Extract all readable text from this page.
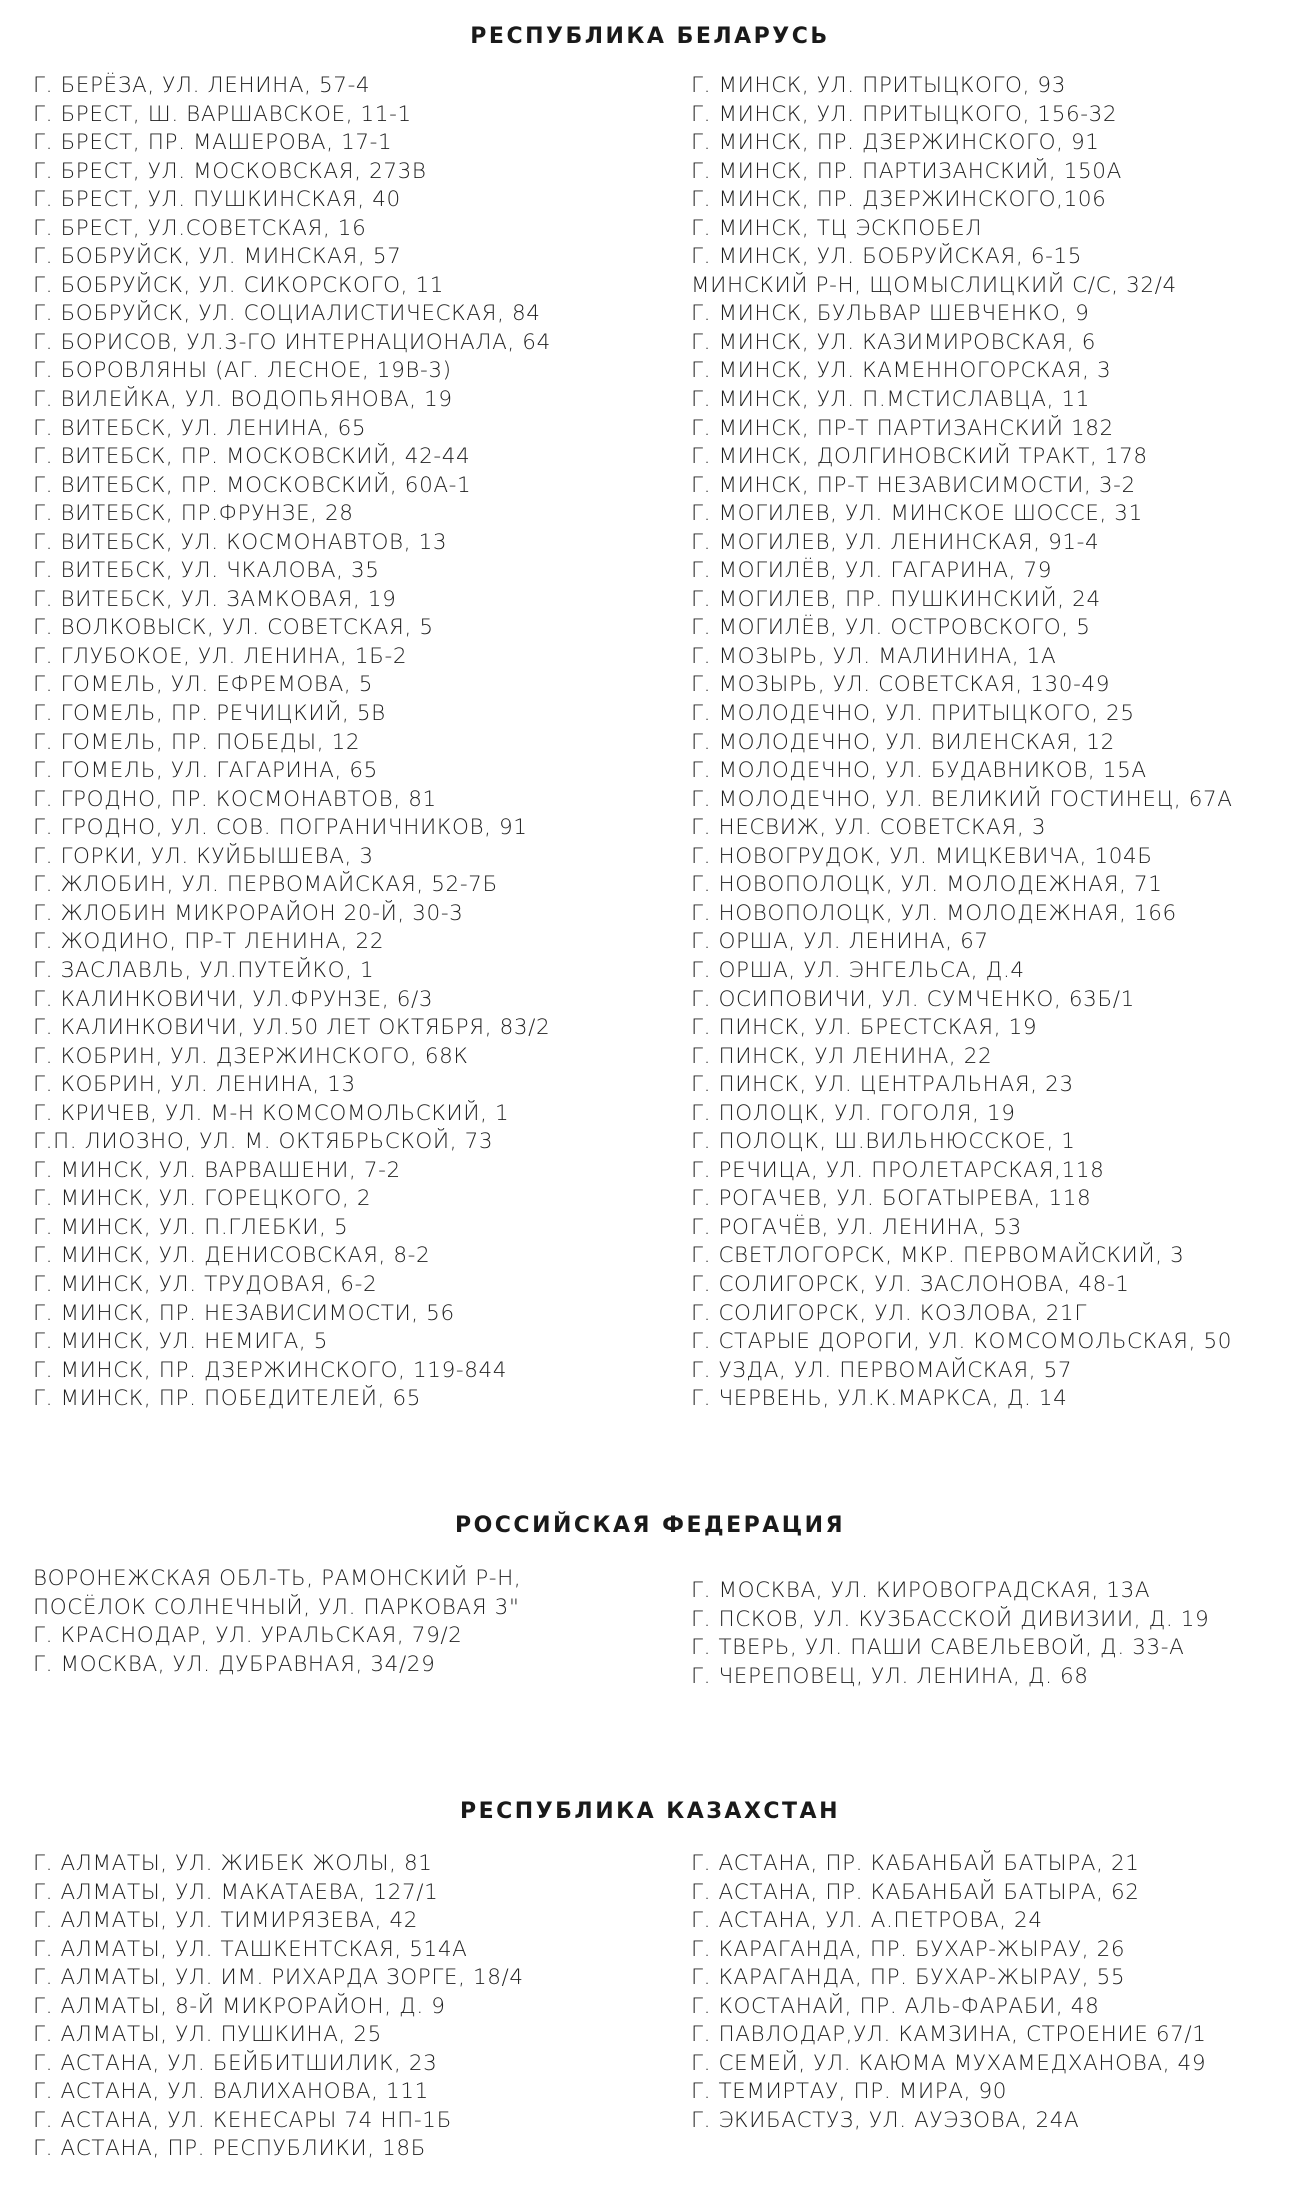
РЕСПУБЛИКА БЕЛАРУСЬ
Г. БЕРЁЗА, УЛ. ЛЕНИНА, 57-4
Г. БРЕСТ, Ш. ВАРШАВСКОЕ, 11-1
Г. БРЕСТ, ПР. МАШЕРОВА, 17-1
Г. БРЕСТ, УЛ. МОСКОВСКАЯ, 273В
Г. БРЕСТ, УЛ. ПУШКИНСКАЯ, 40
Г. БРЕСТ, УЛ.СОВЕТСКАЯ, 16
Г. БОБРУЙСК, УЛ. МИНСКАЯ, 57
Г. БОБРУЙСК, УЛ. СИКОРСКОГО, 11
Г. БОБРУЙСК, УЛ. СОЦИАЛИСТИЧЕСКАЯ, 84
Г. БОРИСОВ, УЛ.3-ГО ИНТЕРНАЦИОНАЛА, 64
Г. БОРОВЛЯНЫ (АГ. ЛЕСНОЕ, 19В-3)
Г. ВИЛЕЙКА, УЛ. ВОДОПЬЯНОВА, 19
Г. ВИТЕБСК, УЛ. ЛЕНИНА, 65
Г. ВИТЕБСК, ПР. МОСКОВСКИЙ, 42-44
Г. ВИТЕБСК, ПР. МОСКОВСКИЙ, 60А-1
Г. ВИТЕБСК, ПР.ФРУНЗЕ, 28
Г. ВИТЕБСК, УЛ. КОСМОНАВТОВ, 13
Г. ВИТЕБСК, УЛ. ЧКАЛОВА, 35
Г. ВИТЕБСК, УЛ. ЗАМКОВАЯ, 19
Г. ВОЛКОВЫСК, УЛ. СОВЕТСКАЯ, 5
Г. ГЛУБОКОЕ, УЛ. ЛЕНИНА, 1Б-2
Г. ГОМЕЛЬ, УЛ. ЕФРЕМОВА, 5
Г. ГОМЕЛЬ, ПР. РЕЧИЦКИЙ, 5В
Г. ГОМЕЛЬ, ПР. ПОБЕДЫ, 12
Г. ГОМЕЛЬ, УЛ. ГАГАРИНА, 65
Г. ГРОДНО, ПР. КОСМОНАВТОВ, 81
Г. ГРОДНО, УЛ. СОВ. ПОГРАНИЧНИКОВ, 91
Г. ГОРКИ, УЛ. КУЙБЫШЕВА, 3
Г. ЖЛОБИН, УЛ. ПЕРВОМАЙСКАЯ, 52-7Б
Г. ЖЛОБИН МИКРОРАЙОН 20-Й, 30-3
Г. ЖОДИНО, ПР-Т ЛЕНИНА, 22
Г. ЗАСЛАВЛЬ, УЛ.ПУТЕЙКО, 1
Г. КАЛИНКОВИЧИ, УЛ.ФРУНЗЕ, 6/3
Г. КАЛИНКОВИЧИ, УЛ.50 ЛЕТ ОКТЯБРЯ, 83/2
Г. КОБРИН, УЛ. ДЗЕРЖИНСКОГО, 68К
Г. КОБРИН, УЛ. ЛЕНИНА, 13
Г. КРИЧЕВ, УЛ. М-Н КОМСОМОЛЬСКИЙ, 1
Г.П. ЛИОЗНО, УЛ. М. ОКТЯБРЬСКОЙ, 73
Г. МИНСК, УЛ. ВАРВАШЕНИ, 7-2
Г. МИНСК, УЛ. ГОРЕЦКОГО, 2
Г. МИНСК, УЛ. П.ГЛЕБКИ, 5
Г. МИНСК, УЛ. ДЕНИСОВСКАЯ, 8-2
Г. МИНСК, УЛ. ТРУДОВАЯ, 6-2
Г. МИНСК, ПР. НЕЗАВИСИМОСТИ, 56
Г. МИНСК, УЛ. НЕМИГА, 5
Г. МИНСК, ПР. ДЗЕРЖИНСКОГО, 119-844
Г. МИНСК, ПР. ПОБЕДИТЕЛЕЙ, 65
Г. МИНСК, УЛ. ПРИТЫЦКОГО, 93
Г. МИНСК, УЛ. ПРИТЫЦКОГО, 156-32
Г. МИНСК, ПР. ДЗЕРЖИНСКОГО, 91
Г. МИНСК, ПР. ПАРТИЗАНСКИЙ, 150А
Г. МИНСК, ПР. ДЗЕРЖИНСКОГО,106
Г. МИНСК, ТЦ ЭСКПОБЕЛ
Г. МИНСК, УЛ. БОБРУЙСКАЯ, 6-15
МИНСКИЙ Р-Н, ЩОМЫСЛИЦКИЙ С/С, 32/4
Г. МИНСК, БУЛЬВАР ШЕВЧЕНКО, 9
Г. МИНСК, УЛ. КАЗИМИРОВСКАЯ, 6
Г. МИНСК, УЛ. КАМЕННОГОРСКАЯ, 3
Г. МИНСК, УЛ. П.МСТИСЛАВЦА, 11
Г. МИНСК, ПР-Т ПАРТИЗАНСКИЙ 182
Г. МИНСК, ДОЛГИНОВСКИЙ ТРАКТ, 178
Г. МИНСК, ПР-Т НЕЗАВИСИМОСТИ, 3-2
Г. МОГИЛЕВ, УЛ. МИНСКОЕ ШОССЕ, 31
Г. МОГИЛЕВ, УЛ. ЛЕНИНСКАЯ, 91-4
Г. МОГИЛЁВ, УЛ. ГАГАРИНА, 79
Г. МОГИЛЕВ, ПР. ПУШКИНСКИЙ, 24
Г. МОГИЛЁВ, УЛ. ОСТРОВСКОГО, 5
Г. МОЗЫРЬ, УЛ. МАЛИНИНА, 1А
Г. МОЗЫРЬ, УЛ. СОВЕТСКАЯ, 130-49
Г. МОЛОДЕЧНО, УЛ. ПРИТЫЦКОГО, 25
Г. МОЛОДЕЧНО, УЛ. ВИЛЕНСКАЯ, 12
Г. МОЛОДЕЧНО, УЛ. БУДАВНИКОВ, 15А
Г. МОЛОДЕЧНО, УЛ. ВЕЛИКИЙ ГОСТИНЕЦ, 67А
Г. НЕСВИЖ, УЛ. СОВЕТСКАЯ, 3
Г. НОВОГРУДОК, УЛ. МИЦКЕВИЧА, 104Б
Г. НОВОПОЛОЦК, УЛ. МОЛОДЕЖНАЯ, 71
Г. НОВОПОЛОЦК, УЛ. МОЛОДЕЖНАЯ, 166
Г. ОРША, УЛ. ЛЕНИНА, 67
Г. ОРША, УЛ. ЭНГЕЛЬСА, Д.4
Г. ОСИПОВИЧИ, УЛ. СУМЧЕНКО, 63Б/1
Г. ПИНСК, УЛ. БРЕСТСКАЯ, 19
Г. ПИНСК, УЛ ЛЕНИНА, 22
Г. ПИНСК, УЛ. ЦЕНТРАЛЬНАЯ, 23
Г. ПОЛОЦК, УЛ. ГОГОЛЯ, 19
Г. ПОЛОЦК, Ш.ВИЛЬНЮССКОЕ, 1
Г. РЕЧИЦА, УЛ. ПРОЛЕТАРСКАЯ,118
Г. РОГАЧЕВ, УЛ. БОГАТЫРЕВА, 118
Г. РОГАЧЁВ, УЛ. ЛЕНИНА, 53
Г. СВЕТЛОГОРСК, МКР. ПЕРВОМАЙСКИЙ, 3
Г. СОЛИГОРСК, УЛ. ЗАСЛОНОВА, 48-1
Г. СОЛИГОРСК, УЛ. КОЗЛОВА, 21Г
Г. СТАРЫЕ ДОРОГИ, УЛ. КОМСОМОЛЬСКАЯ, 50
Г. УЗДА, УЛ. ПЕРВОМАЙСКАЯ, 57
Г. ЧЕРВЕНЬ, УЛ.К.МАРКСА, Д. 14
РОССИЙСКАЯ ФЕДЕРАЦИЯ
ВОРОНЕЖСКАЯ ОБЛ-ТЬ, РАМОНСКИЙ Р-Н,
ПОСЁЛОК СОЛНЕЧНЫЙ, УЛ. ПАРКОВАЯ 3"
Г. КРАСНОДАР, УЛ. УРАЛЬСКАЯ, 79/2
Г. МОСКВА, УЛ. ДУБРАВНАЯ, 34/29
Г. МОСКВА, УЛ. КИРОВОГРАДСКАЯ, 13А
Г. ПСКОВ, УЛ. КУЗБАССКОЙ ДИВИЗИИ, Д. 19
Г. ТВЕРЬ, УЛ. ПАШИ САВЕЛЬЕВОЙ, Д. 33-А
Г. ЧЕРЕПОВЕЦ, УЛ. ЛЕНИНА, Д. 68
РЕСПУБЛИКА КАЗАХСТАН
Г. АЛМАТЫ, УЛ. ЖИБЕК ЖОЛЫ, 81
Г. АЛМАТЫ, УЛ. МАКАТАЕВА, 127/1
Г. АЛМАТЫ, УЛ. ТИМИРЯЗЕВА, 42
Г. АЛМАТЫ, УЛ. ТАШКЕНТСКАЯ, 514А
Г. АЛМАТЫ, УЛ. ИМ. РИХАРДА ЗОРГЕ, 18/4
Г. АЛМАТЫ, 8-Й МИКРОРАЙОН, Д. 9
Г. АЛМАТЫ, УЛ. ПУШКИНА, 25
Г. АСТАНА, УЛ. БЕЙБИТШИЛИК, 23
Г. АСТАНА, УЛ. ВАЛИХАНОВА, 111
Г. АСТАНА, УЛ. КЕНЕСАРЫ 74 НП-1Б
Г. АСТАНА, ПР. РЕСПУБЛИКИ, 18Б
Г. АСТАНА, ПР. КАБАНБАЙ БАТЫРА, 21
Г. АСТАНА, ПР. КАБАНБАЙ БАТЫРА, 62
Г. АСТАНА, УЛ. А.ПЕТРОВА, 24
Г. КАРАГАНДА, ПР. БУХАР-ЖЫРАУ, 26
Г. КАРАГАНДА, ПР. БУХАР-ЖЫРАУ, 55
Г. КОСТАНАЙ, ПР. АЛЬ-ФАРАБИ, 48
Г. ПАВЛОДАР,УЛ. КАМЗИНА, СТРОЕНИЕ 67/1
Г. СЕМЕЙ, УЛ. КАЮМА МУХАМЕДХАНОВА, 49
Г. ТЕМИРТАУ, ПР. МИРА, 90
Г. ЭКИБАСТУЗ, УЛ. АУЭЗОВА, 24А
